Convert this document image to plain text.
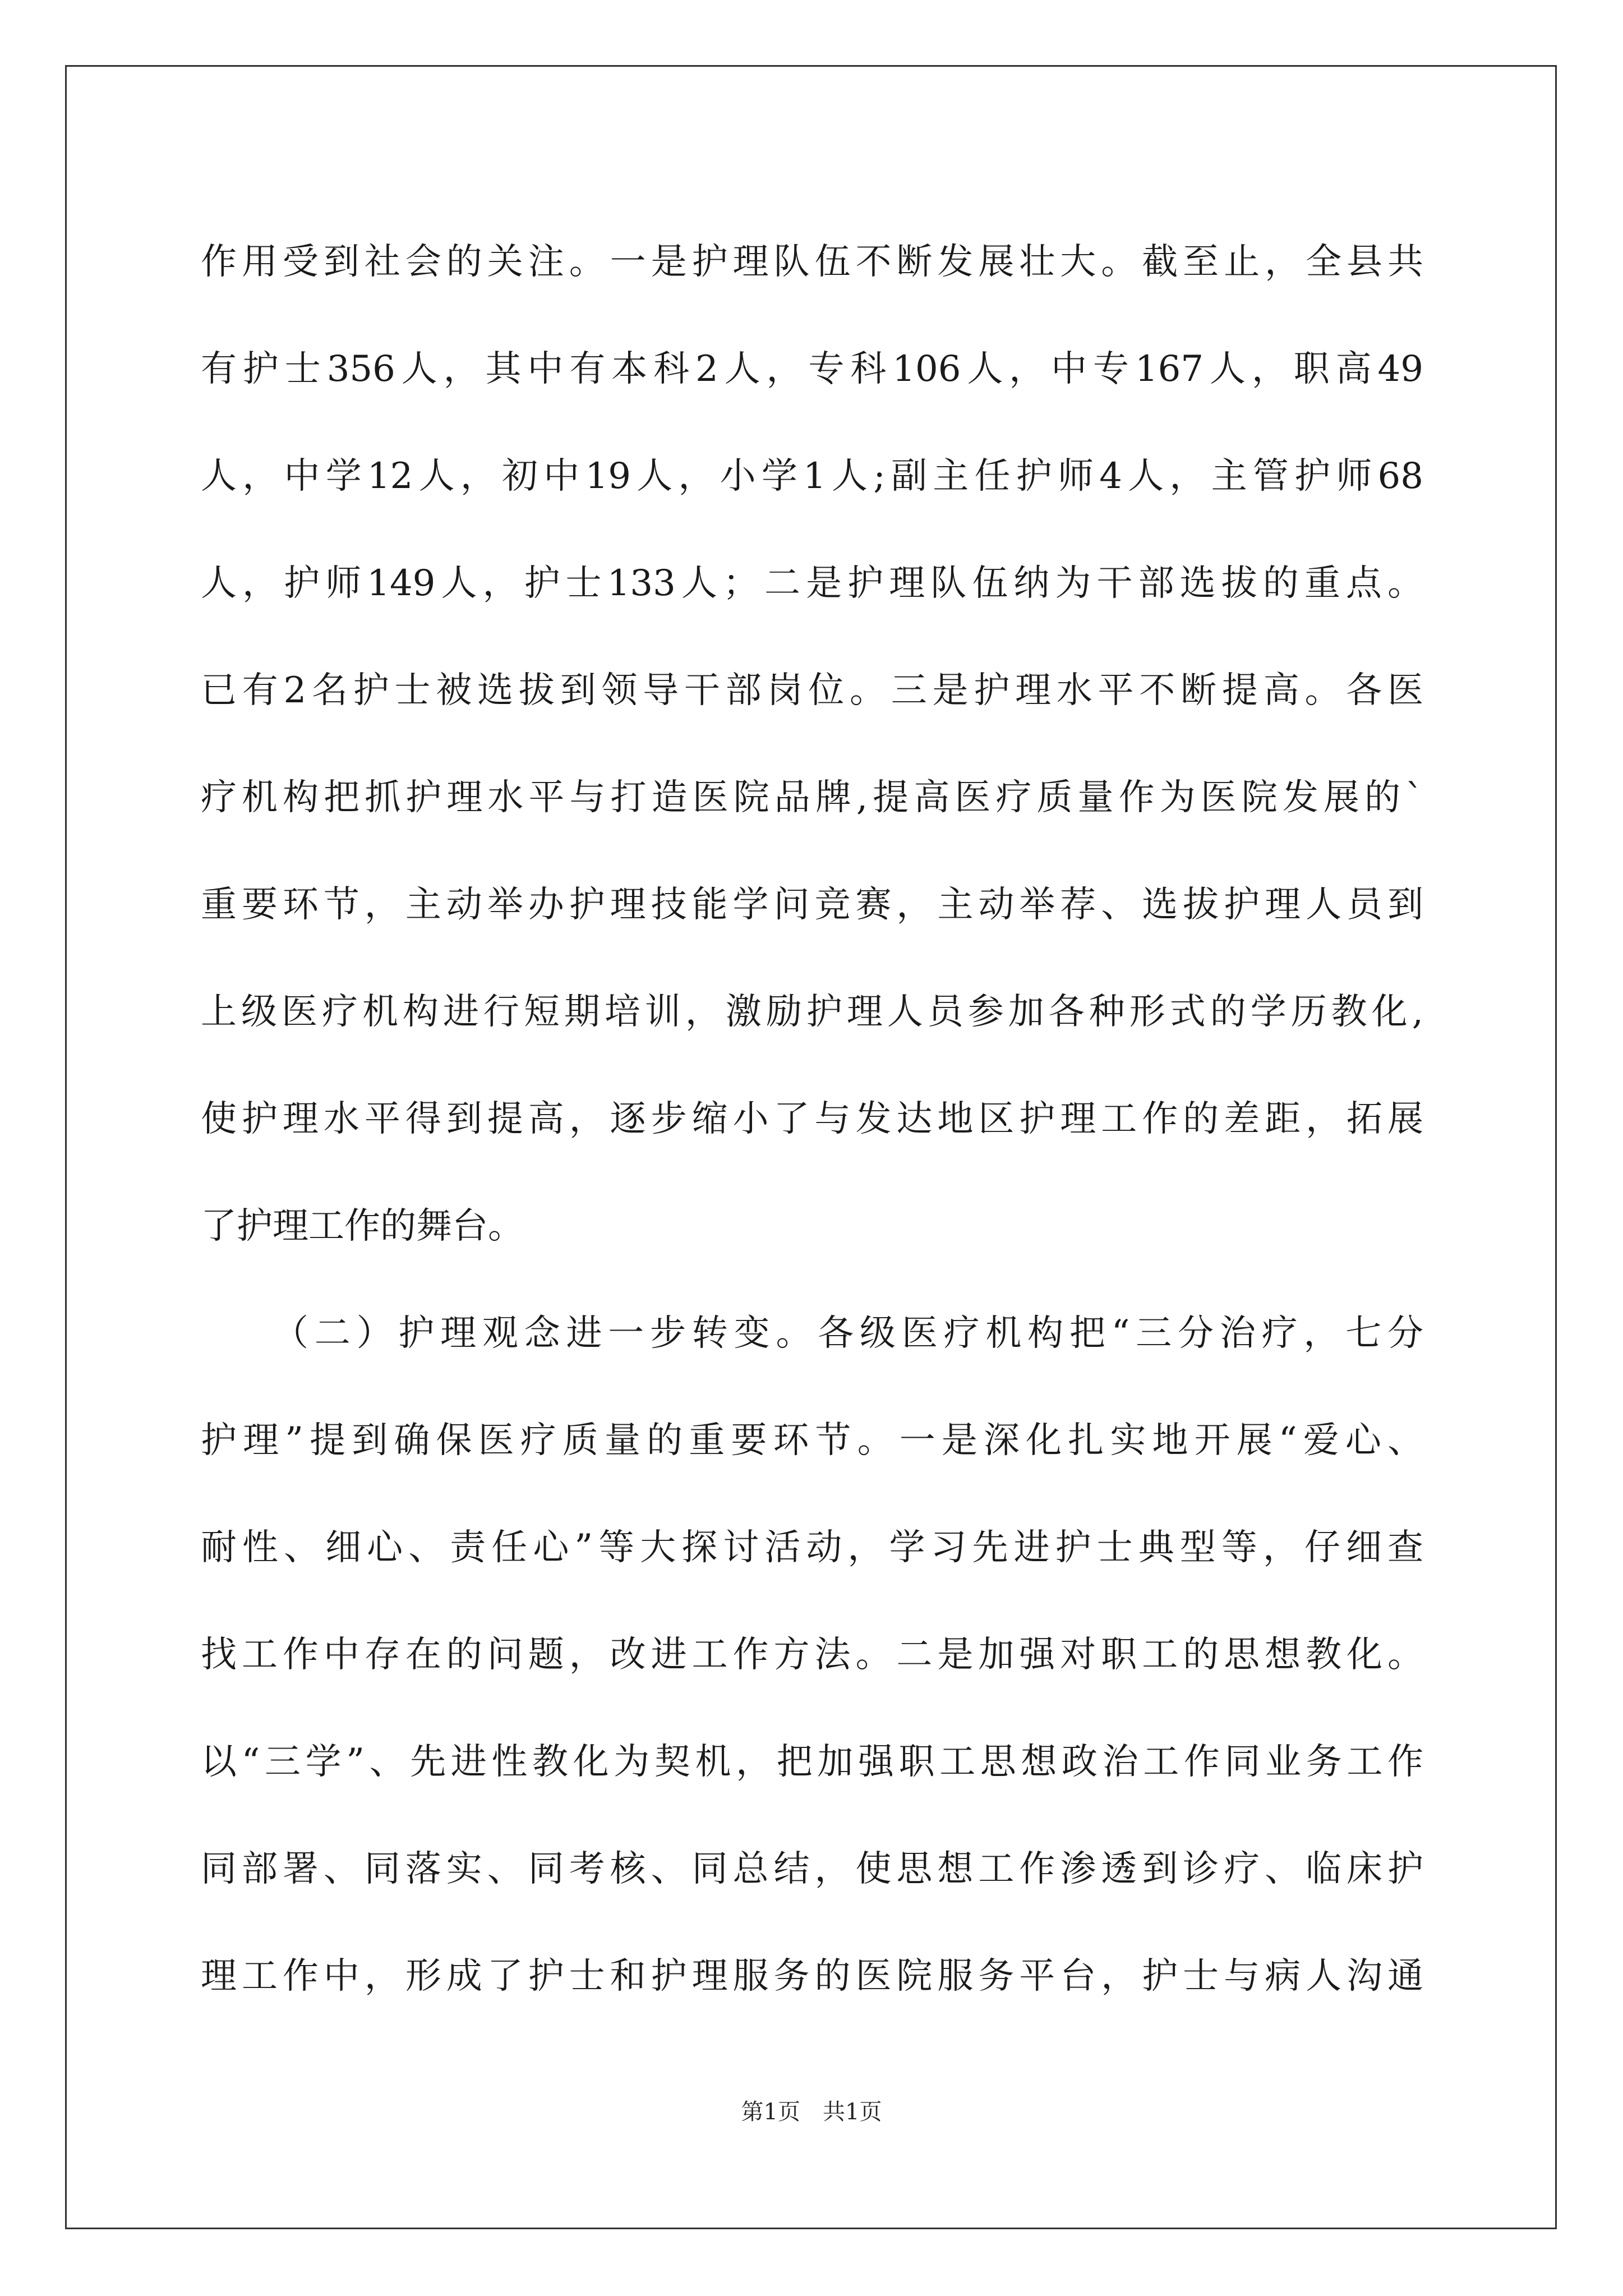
作用受到社会的关注。一是护理队伍不断发展壮大。截至止，全县共
有护士356人，其中有本科2人，专科106人，中专167人，职高49
人，中学12人，初中19人，小学1人;副主任护师4人，主管护师68
人，护师149人，护士133人；二是护理队伍纳为干部选拔的重点。
已有2名护士被选拔到领导干部岗位。三是护理水平不断提高。各医
疗机构把抓护理水平与打造医院品牌,提高医疗质量作为医院发展的`
重要环节，主动举办护理技能学问竞赛，主动举荐、选拔护理人员到
上级医疗机构进行短期培训，激励护理人员参加各种形式的学历教化,
使护理水平得到提高，逐步缩小了与发达地区护理工作的差距，拓展
了护理工作的舞台。
（二）护理观念进一步转变。各级医疗机构把“三分治疗，七分
护理”提到确保医疗质量的重要环节。一是深化扎实地开展“爱心、
耐性、细心、责任心”等大探讨活动，学习先进护士典型等，仔细查
找工作中存在的问题，改进工作方法。二是加强对职工的思想教化。
以“三学”、先进性教化为契机，把加强职工思想政治工作同业务工作
同部署、同落实、同考核、同总结，使思想工作渗透到诊疗、临床护
理工作中，形成了护士和护理服务的医院服务平台，护士与病人沟通
第1页　共1页
